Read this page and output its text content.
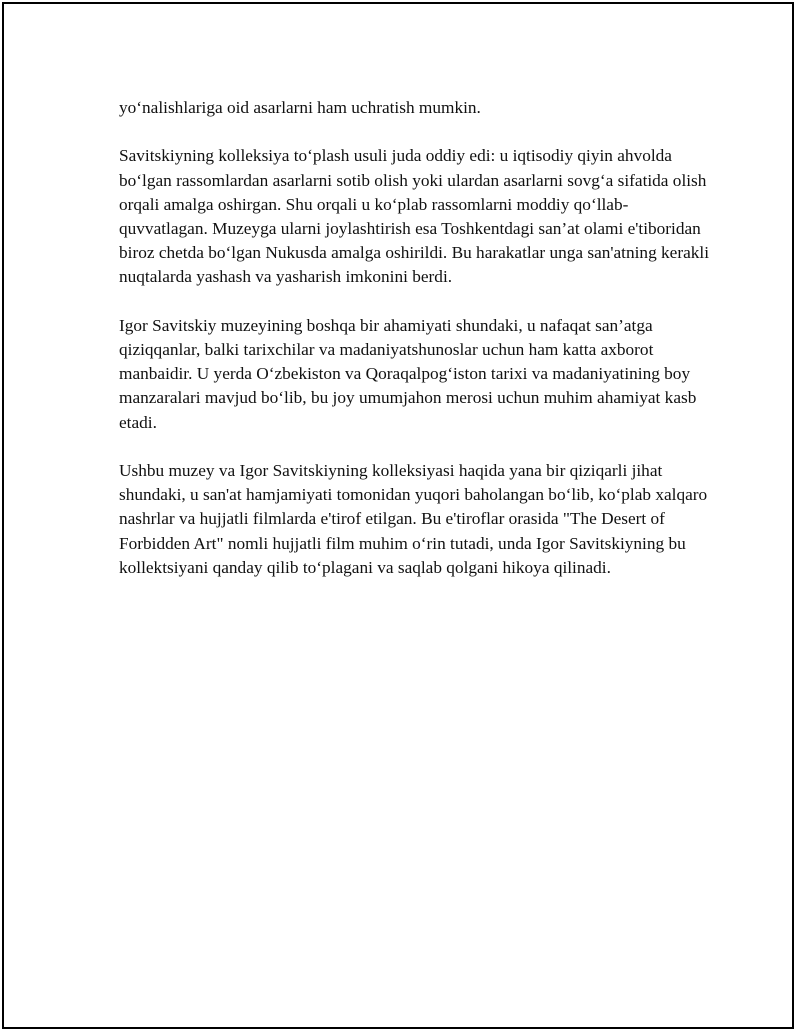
yo‘nalishlariga oid asarlarni ham uchratish mumkin.

Savitskiyning kolleksiya to‘plash usuli juda oddiy edi: u iqtisodiy qiyin ahvolda bo‘lgan rassomlardan asarlarni sotib olish yoki ulardan asarlarni sovg‘a sifatida olish orqali amalga oshirgan. Shu orqali u ko‘plab rassomlarni moddiy qo‘llab-quvvatlagan. Muzeyga ularni joylashtirish esa Toshkentdagi san’at olami e'tiboridan biroz chetda bo‘lgan Nukusda amalga oshirildi. Bu harakatlar unga san'atning kerakli nuqtalarda yashash va yasharish imkonini berdi.

Igor Savitskiy muzeyining boshqa bir ahamiyati shundaki, u nafaqat san’atga qiziqqanlar, balki tarixchilar va madaniyatshunoslar uchun ham katta axborot manbaidir. U yerda O‘zbekiston va Qoraqalpog‘iston tarixi va madaniyatining boy manzaralari mavjud bo‘lib, bu joy umumjahon merosi uchun muhim ahamiyat kasb etadi.

Ushbu muzey va Igor Savitskiyning kolleksiyasi haqida yana bir qiziqarli jihat shundaki, u san'at hamjamiyati tomonidan yuqori baholangan bo‘lib, ko‘plab xalqaro nashrlar va hujjatli filmlarda e'tirof etilgan. Bu e'tiroflar orasida "The Desert of Forbidden Art" nomli hujjatli film muhim o‘rin tutadi, unda Igor Savitskiyning bu kollektsiyani qanday qilib to‘plagani va saqlab qolgani hikoya qilinadi.
